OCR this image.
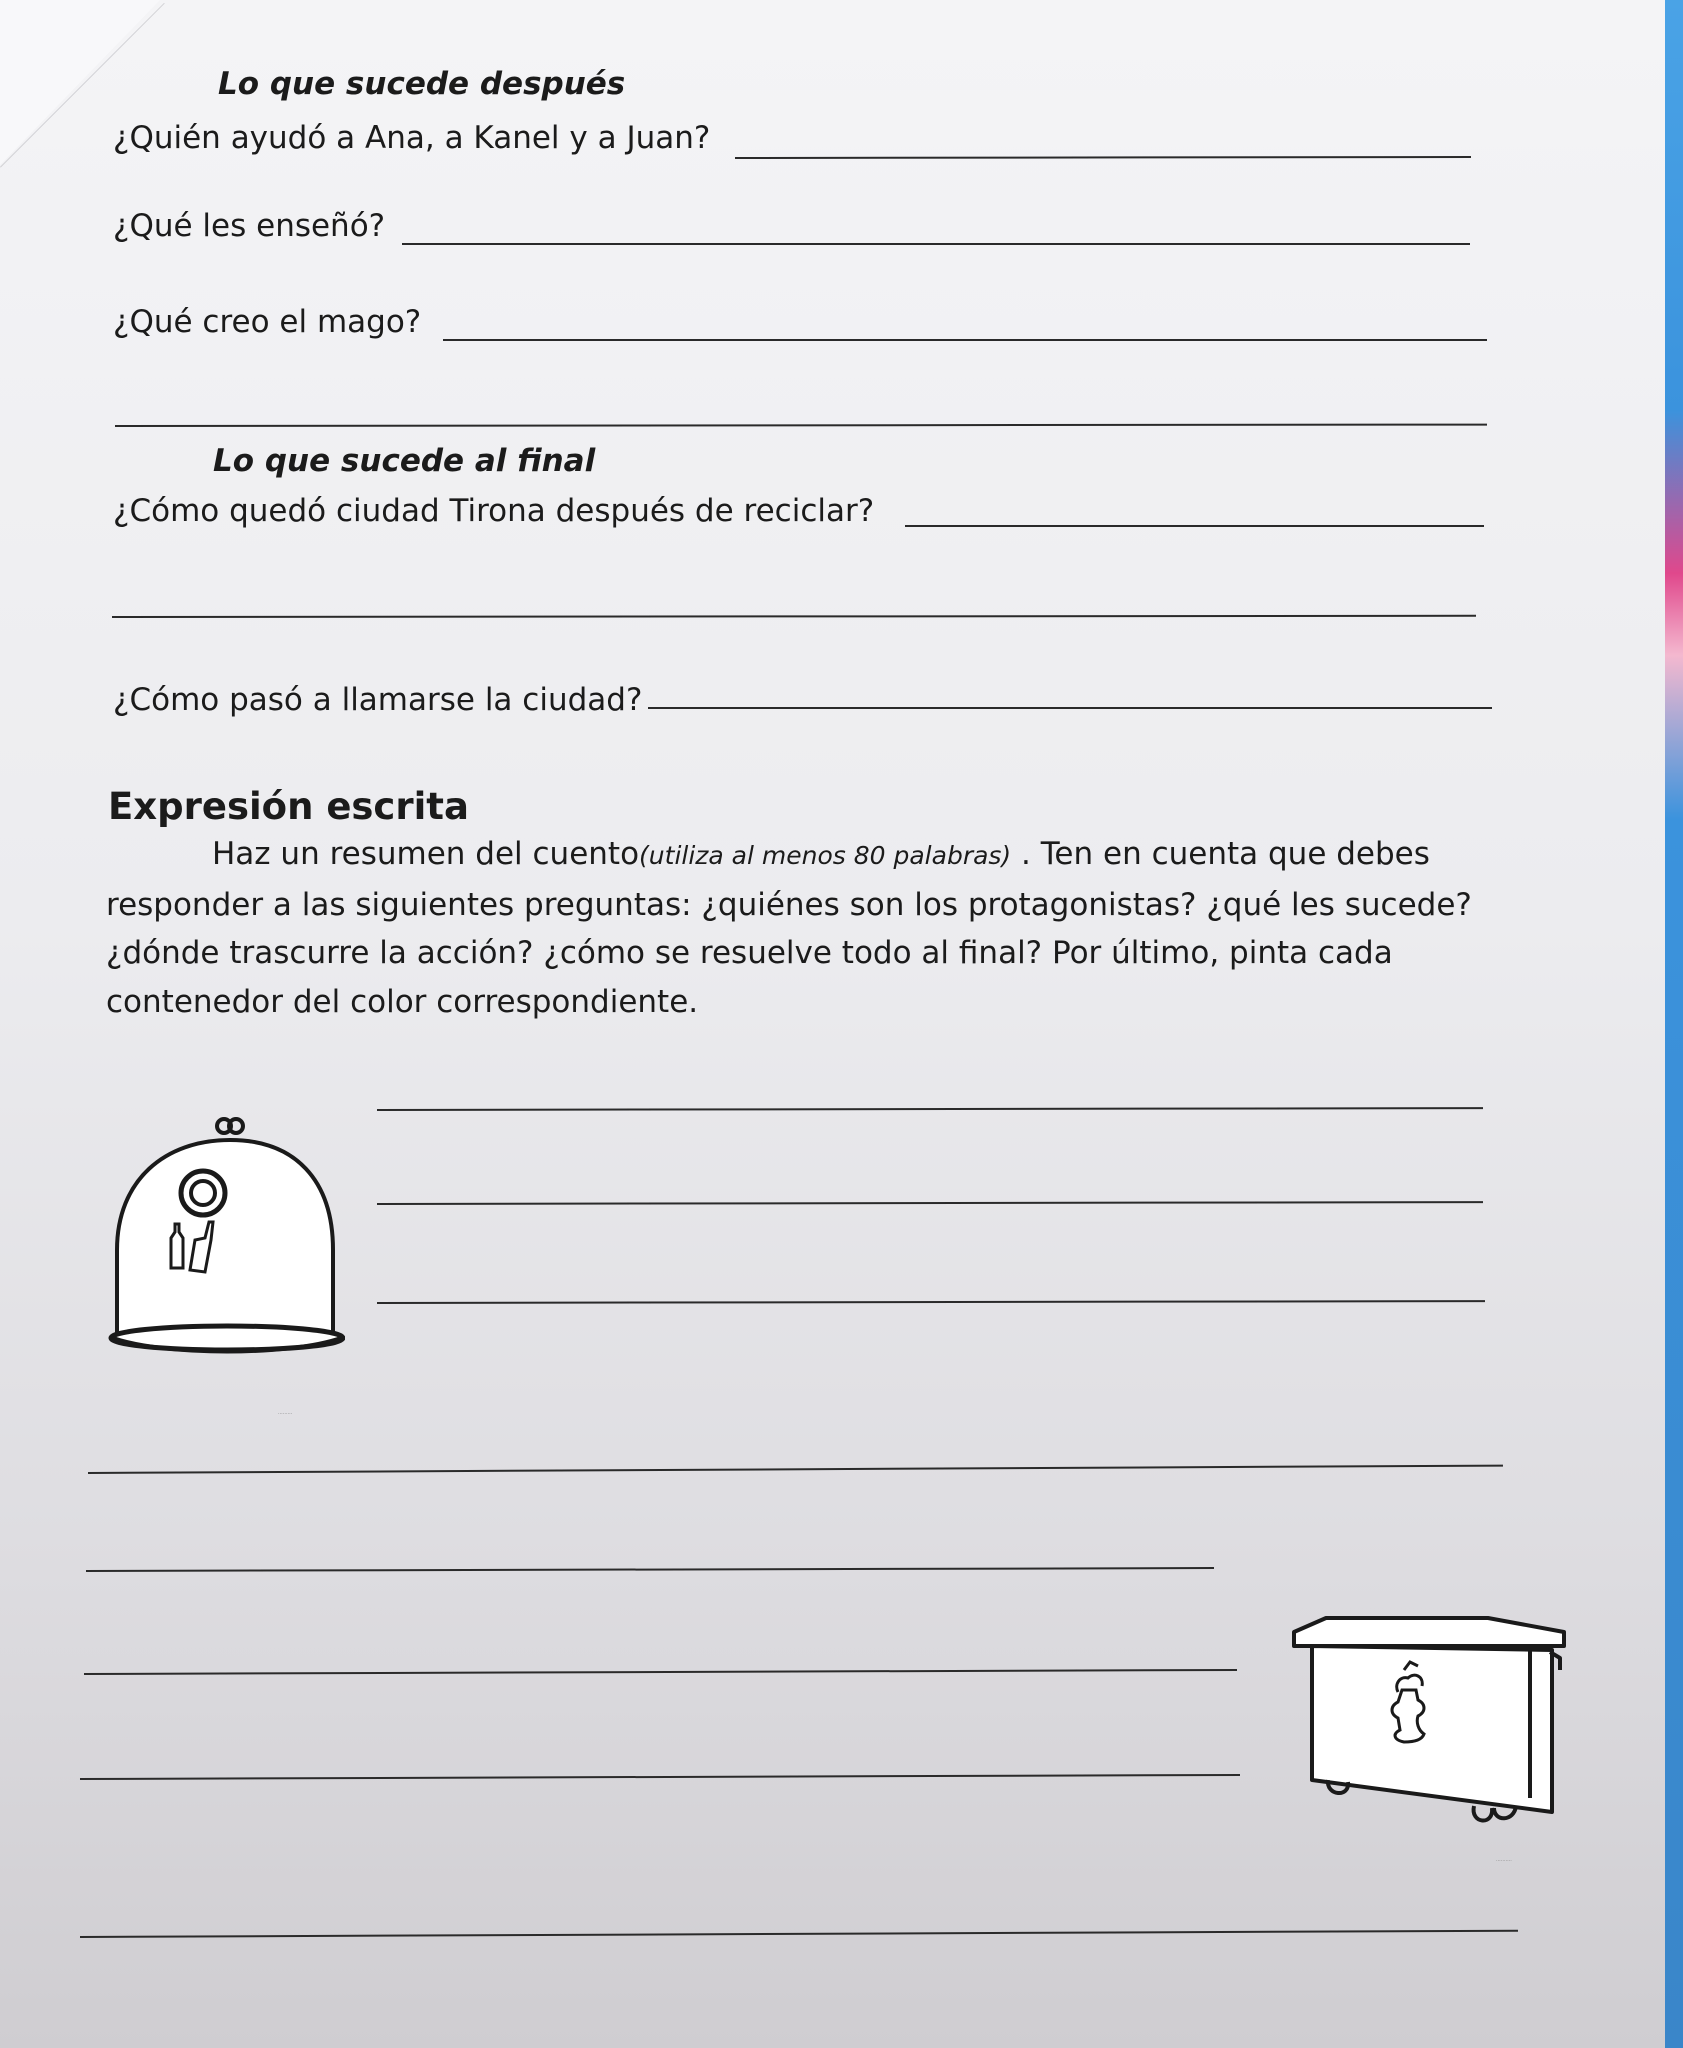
Lo que sucede después
¿Quién ayudó a Ana, a Kanel y a Juan?
¿Qué les enseñó?
¿Qué creo el mago?
Lo que sucede al final
¿Cómo quedó ciudad Tirona después de reciclar?
¿Cómo pasó a llamarse la ciudad?
Expresión escrita
Haz un resumen del cuento(utiliza al menos 80 palabras) . Ten en cuenta que debes
responder a las siguientes preguntas: ¿quiénes son los protagonistas? ¿qué les sucede?
¿dónde trascurre la acción? ¿cómo se resuelve todo al final? Por último, pinta cada
contenedor del color correspondiente.
·········
··········
